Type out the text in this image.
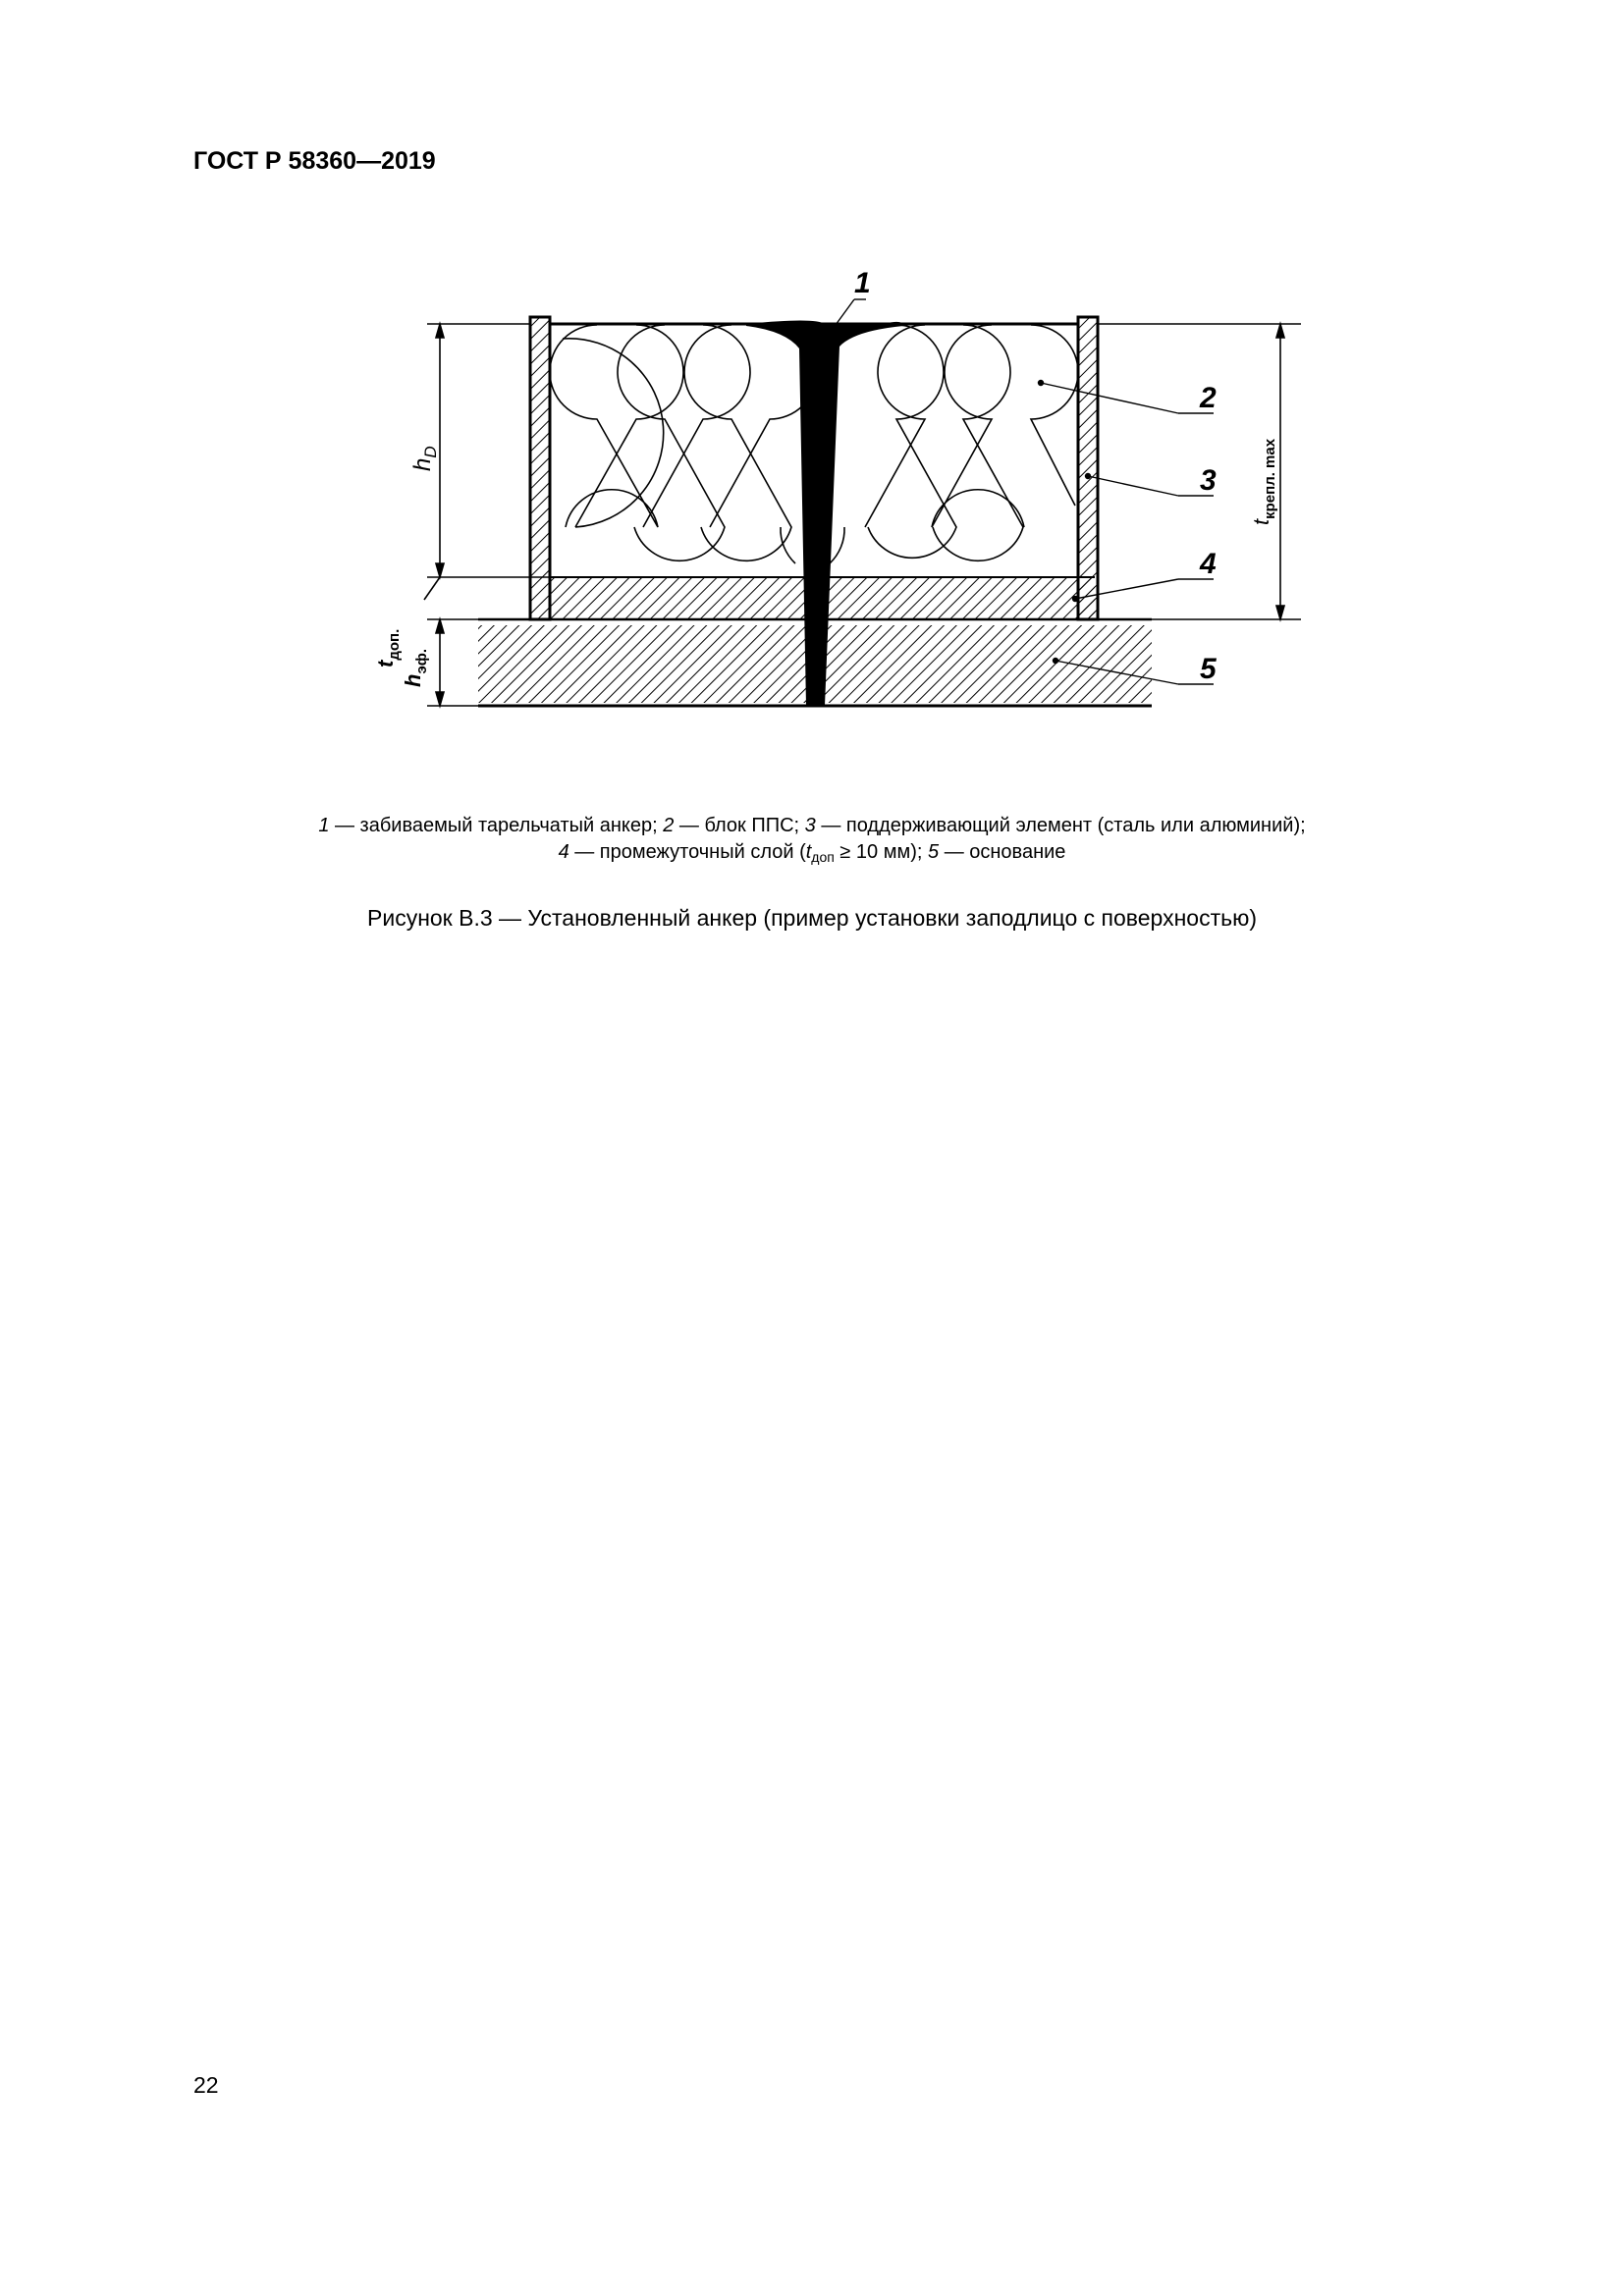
ГОСТ Р 58360—2019
1
2
3
4
5
$h_D$
$t_{доп.}$
$h_{эф.}$
$t_{крепл. max}$
1 — забиваемый тарельчатый анкер; 2 — блок ППС; 3 — поддерживающий элемент (сталь или алюминий);
4 — промежуточный слой ($t_{доп} \ge 10$ мм); 5 — основание
Рисунок В.3 — Установленный анкер (пример установки заподлицо с поверхностью)
22
